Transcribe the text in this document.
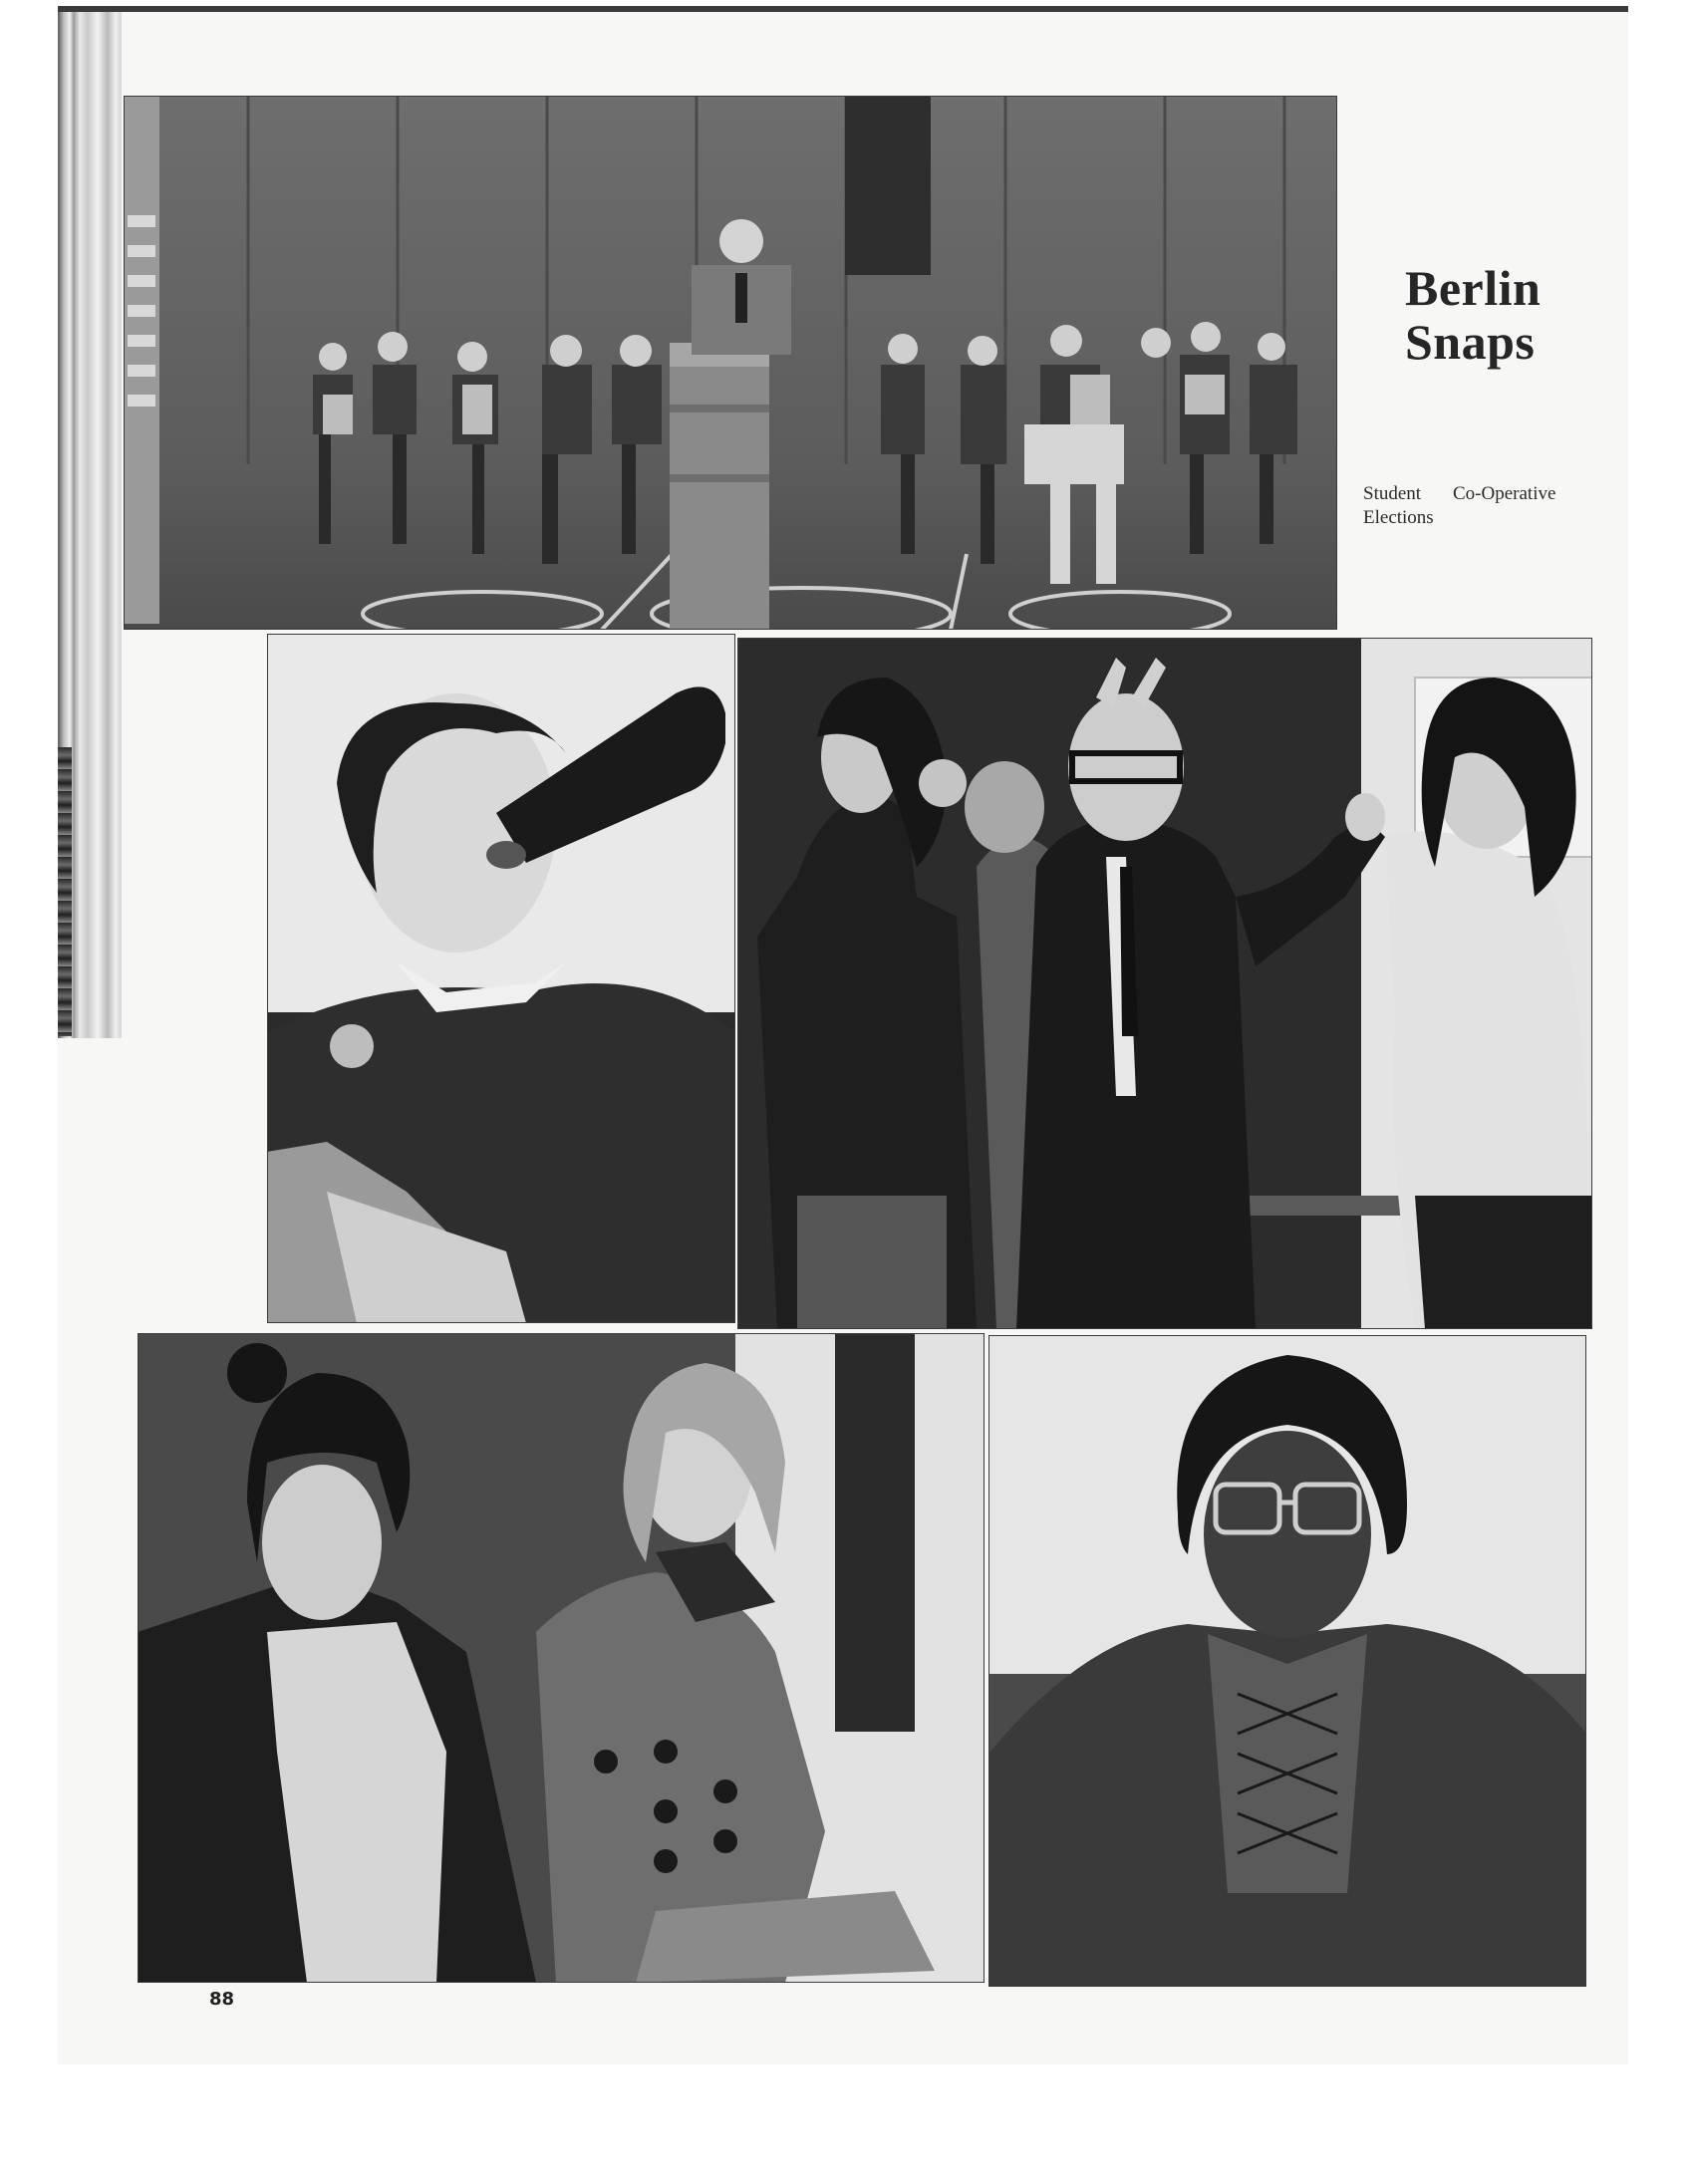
Berlin
Snaps
Student Co-Operative
Elections
88
